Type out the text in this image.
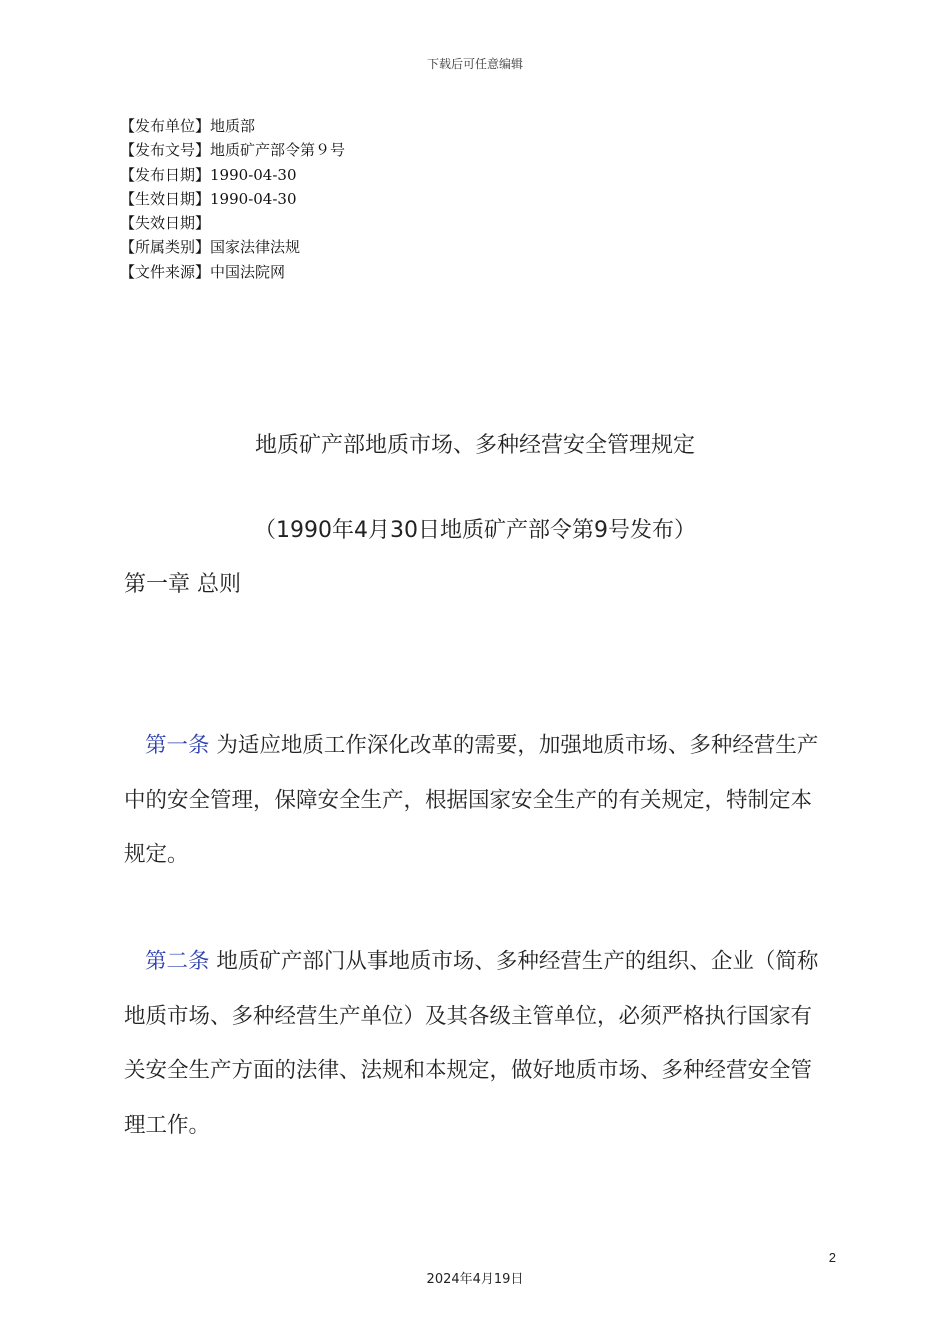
下载后可任意编辑
【发布单位】地质部
【发布文号】地质矿产部令第９号
【发布日期】1990-04-30
【生效日期】1990-04-30
【失效日期】
【所属类别】国家法律法规
【文件来源】中国法院网
地质矿产部地质市场、多种经营安全管理规定
（1990年4月30日地质矿产部令第9号发布）
第一章 总则

第一条 为适应地质工作深化改革的需要，加强地质市场、多种经营生产中的安全管理，保障安全生产，根据国家安全生产的有关规定，特制定本规定。

第二条 地质矿产部门从事地质市场、多种经营生产的组织、企业（简称地质市场、多种经营生产单位）及其各级主管单位，必须严格执行国家有关安全生产方面的法律、法规和本规定，做好地质市场、多种经营安全管理工作。

2
2024年4月19日
